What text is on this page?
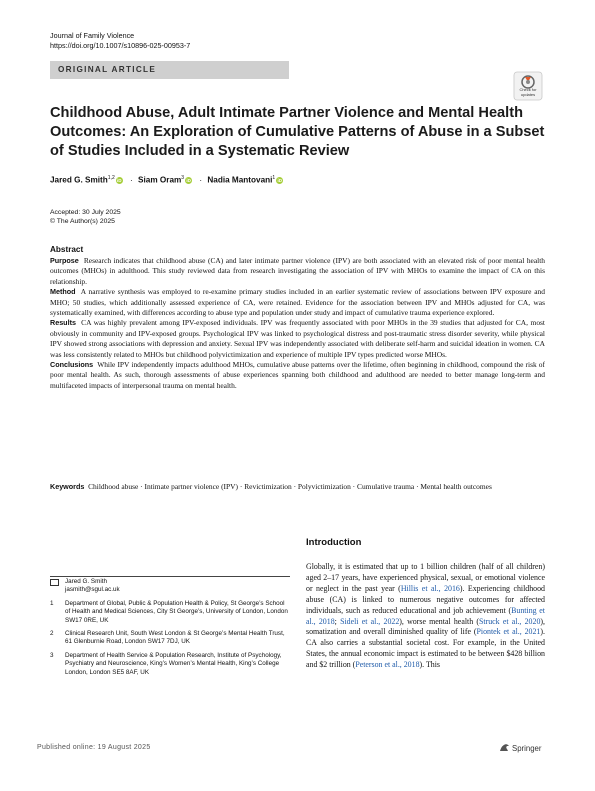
Journal of Family Violence
https://doi.org/10.1007/s10896-025-00953-7
ORIGINAL ARTICLE
Check for
updates
Childhood Abuse, Adult Intimate Partner Violence and Mental Health Outcomes: An Exploration of Cumulative Patterns of Abuse in a Subset of Studies Included in a Systematic Review
Jared G. Smith$^{1,2}$ iD · Siam Oram$^3$ iD · Nadia Mantovani$^1$ iD
Accepted: 30 July 2025
© The Author(s) 2025
Abstract

Purpose Research indicates that childhood abuse (CA) and later intimate partner violence (IPV) are both associated with an elevated risk of poor mental health outcomes (MHOs) in adulthood. This study reviewed data from research investigating the association of IPV with MHOs to examine the impact of CA on this relationship.

Method A narrative synthesis was employed to re-examine primary studies included in an earlier systematic review of associations between IPV exposure and MHO; 50 studies, which additionally assessed experience of CA, were retained. Evidence for the association between IPV and MHOs adjusted for CA, was systematically examined, with differences according to abuse type and population under study and impact of cumulative trauma experience explored.

Results CA was highly prevalent among IPV-exposed individuals. IPV was frequently associated with poor MHOs in the 39 studies that adjusted for CA, most obviously in community and IPV-exposed groups. Psychological IPV was linked to psychological distress and post-traumatic stress disorder severity, while physical IPV showed strong associations with depression and anxiety. Sexual IPV was independently associated with deliberate self-harm and suicidal ideation in women. CA was less consistently related to MHOs but childhood polyvictimization and experience of multiple IPV types predicted worse MHOs.

Conclusions While IPV independently impacts adulthood MHOs, cumulative abuse patterns over the lifetime, often beginning in childhood, compound the risk of poor mental health. As such, thorough assessments of abuse experiences spanning both childhood and adulthood are needed to better manage long-term and multifaceted impacts of interpersonal trauma on mental health.

Keywords Childhood abuse · Intimate partner violence (IPV) · Revictimization · Polyvictimization · Cumulative trauma · Mental health outcomes
Introduction
Globally, it is estimated that up to 1 billion children (half of all children) aged 2–17 years, have experienced physical, sexual, or emotional violence or neglect in the past year (Hillis et al., 2016). Experiencing childhood abuse (CA) is linked to numerous negative outcomes for affected individuals, such as reduced educational and job achievement (Bunting et al., 2018; Sideli et al., 2022), worse mental health (Struck et al., 2020), somatization and overall diminished quality of life (Piontek et al., 2021). CA also carries a substantial societal cost. For example, in the United States, the annual economic impact is estimated to be between $428 billion and $2 trillion (Peterson et al., 2018). This
Jared G. Smith
jasmith@sgul.ac.uk
1 Department of Global, Public & Population Health & Policy, St George’s School of Health and Medical Sciences, City St George’s, University of London, London SW17 0RE, UK
2 Clinical Research Unit, South West London & St George’s Mental Health Trust, 61 Glenburnie Road, London SW17 7DJ, UK
3 Department of Health Service & Population Research, Institute of Psychology, Psychiatry and Neuroscience, King’s Women’s Mental Health, King’s College London, London SE5 8AF, UK
Published online: 19 August 2025	Springer
